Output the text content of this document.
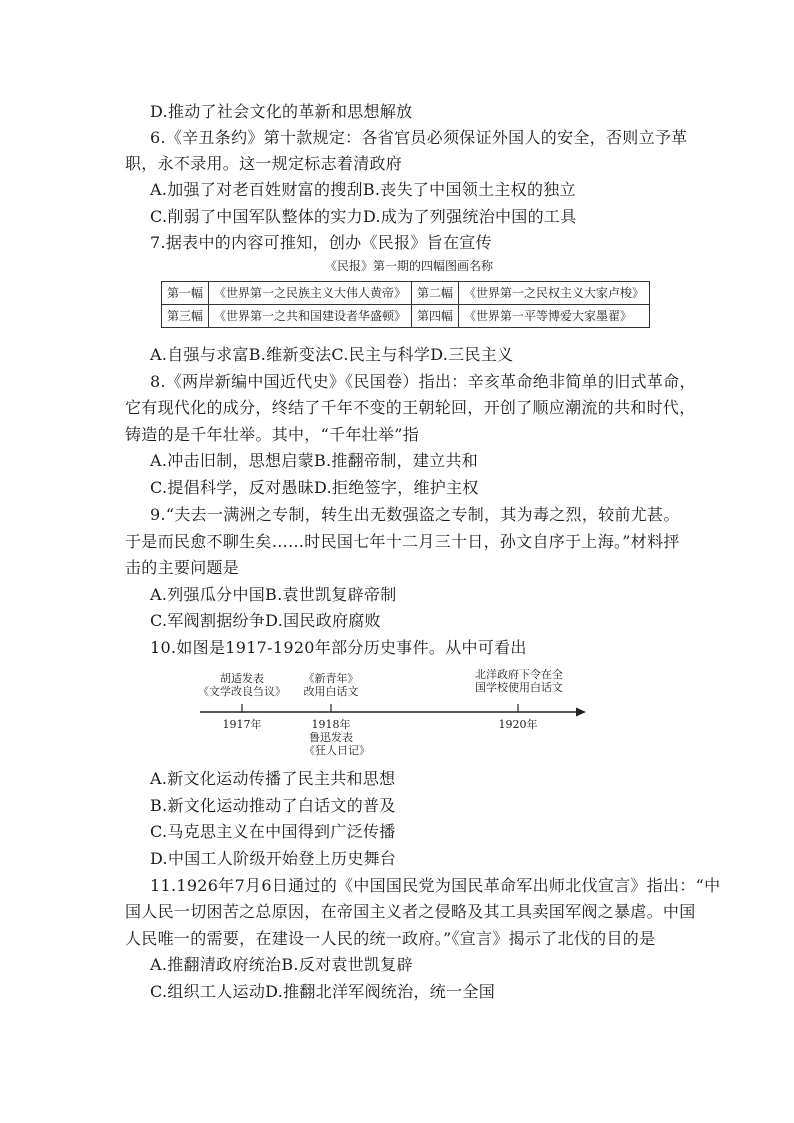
D.推动了社会文化的革新和思想解放
6.《辛丑条约》第十款规定：各省官员必须保证外国人的安全，否则立予革
职，永不录用。这一规定标志着清政府
A.加强了对老百姓财富的搜刮B.丧失了中国领土主权的独立
C.削弱了中国军队整体的实力D.成为了列强统治中国的工具
7.据表中的内容可推知，创办《民报》旨在宣传
《民报》第一期的四幅图画名称
第一幅	《世界第一之民族主义大伟人黄帝》	第二幅	《世界第一之民权主义大家卢梭》
第三幅	《世界第一之共和国建设者华盛顿》	第四幅	《世界第一平等博爱大家墨翟》
A.自强与求富B.维新变法C.民主与科学D.三民主义
8.《两岸新编中国近代史》《民国卷）指出：辛亥革命绝非简单的旧式革命，
它有现代化的成分，终结了千年不变的王朝轮回，开创了顺应潮流的共和时代，
铸造的是千年壮举。其中，“千年壮举”指
A.冲击旧制，思想启蒙B.推翻帝制，建立共和
C.提倡科学，反对愚昧D.拒绝签字，维护主权
9.“夫去一满洲之专制，转生出无数强盗之专制，其为毒之烈，较前尤甚。
于是而民愈不聊生矣……时民国七年十二月三十日，孙文自序于上海。”材料抨
击的主要问题是
A.列强瓜分中国B.袁世凯复辟帝制
C.军阀割据纷争D.国民政府腐败
10.如图是1917-1920年部分历史事件。从中可看出
胡适发表
《文学改良刍议》
《新青年》
改用白话文
北洋政府下令在全
国学校使用白话文
1917年	1918年
鲁迅发表
《狂人日记》
1920年
A.新文化运动传播了民主共和思想
B.新文化运动推动了白话文的普及
C.马克思主义在中国得到广泛传播
D.中国工人阶级开始登上历史舞台
11.1926年7月6日通过的《中国国民党为国民革命军出师北伐宣言》指出：“中
国人民一切困苦之总原因，在帝国主义者之侵略及其工具卖国军阀之暴虐。中国
人民唯一的需要，在建设一人民的统一政府。”《宣言》揭示了北伐的目的是
A.推翻清政府统治B.反对袁世凯复辟
C.组织工人运动D.推翻北洋军阀统治，统一全国
